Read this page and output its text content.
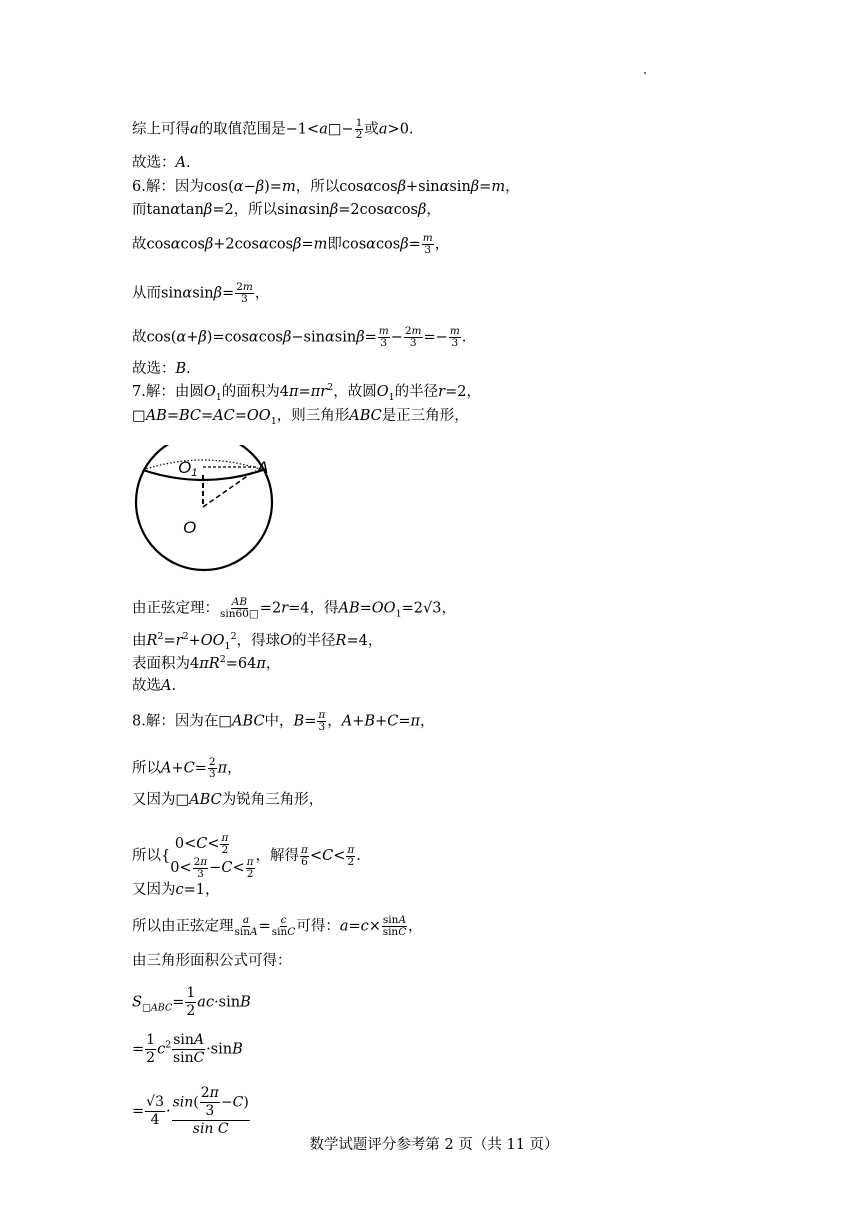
综上可得a的取值范围是−1<a□− $\frac{1}{2}$ 或a>0.
故选：A.
6.解：因为cos(α−β)=m，所以cosαcosβ+sinαsinβ=m，
而tanαtanβ=2，所以sinαsinβ=2cosαcosβ，
故cosαcosβ+2cosαcosβ=m即$\cos\alpha\cos\beta= \frac{m}{3}$ ，
从而$\sin\alpha\sin\beta= \frac{2m}{3}$ ，
故$\cos(\alpha+\beta)=\cos\alpha\cos\beta-\sin\alpha\sin\beta= \frac{m}{3} - \frac{2m}{3} =- \frac{m}{3}$ .
故选：B.
7.解：由圆$O_1$的面积为$4\pi=\pi r^2$，故圆$O_1$的半径r=2，
$□AB=BC=AC=OO_1$，则三角形ABC是正三角形，
O1	A
O
由正弦定理： $\frac{AB}{\sin 60□} =2r=4$，得$AB=OO_1=2√3$，
由$R^2=r^2+OO_1^2$，得球O的半径R=4，
表面积为$4\pi R^2=64\pi$，
故选A.
8.解：因为在□ABC中，$B= \frac{\pi}{3}$ ，A+B+C=π，
所以$A+C= \frac{2}{3}$ π，
又因为□ABC为锐角三角形，
所以{
$0<C< \frac{\pi}{2}$
$0< \frac{2\pi}{3} -C< \frac{\pi}{2}$
，解得 $\frac{\pi}{6} <C< \frac{\pi}{2}$ .
又因为c=1，
所以由正弦定理 $\frac{a}{\sin A} = \frac{c}{\sin C}$ 可得：$a=c\times \frac{\sin A}{\sin C}$ ，
由三角形面积公式可得：
$S_{□ABC}= \frac{1}{2} ac\cdot\sin B$
= $\frac{1}{2} c^2 \frac{\sin A}{\sin C} \cdot\sin B$
= $\frac{√3}{4} \cdot \frac{\sin( \frac{2\pi}{3} -C)}{\text{sin C}}$
数学试题评分参考第 2 页（共 11 页）
